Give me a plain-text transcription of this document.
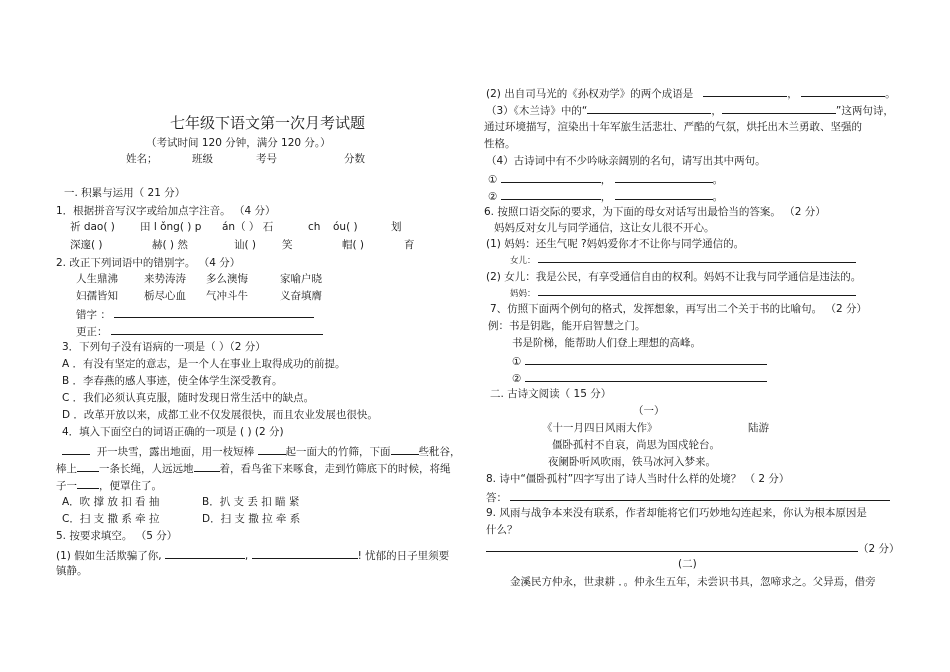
七年级下语文第一次月考试题
（考试时间 120 分钟，满分 120 分。）
姓名；	班级	考号	分数
一. 积累与运用（ 21 分）
1．根据拼音写汉字或给加点字注音。 （4 分）
祈 dao( )	田 l ǒng( ) p	án（ ） 石	ch	óu( )	划
深邃( )	赫( ) 然	讪( )	笑	帽( )	育
2. 改正下列词语中的错别字。 （4 分）
人生鼎沸	来势涛涛	多么澳悔	家喻户晓
妇孺皆知	栃尽心血	气冲斗牛	义奋填膺
错字 ：
更正：
3．下列句子没有语病的一项是（ ）（2 分）
A ．有没有坚定的意志，是一个人在事业上取得成功的前提。
B ．李春燕的感人事迹，使全体学生深受教育。
C ．我们必须认真克服，随时发现日常生活中的缺点。
D ．改革开放以来，成都工业不仅发展很快，而且农业发展也很快。
4．填入下面空白的词语正确的一项是 ( ) (2 分)
开一块雪，露出地面，用一枝短棒	起一面大的竹筛，下面	些秕谷，
棒上 一条长绳，人远远地 着，看鸟雀下来啄食，走到竹筛底下的时候，将绳
子一 ，便罩住了。
A．吹 撑 放 扣 看 抽	B．扒 支 丢 扣 瞄 紧
C．扫 支 撒 系 牵 拉	D．扫 支 撒 拉 牵 系
5. 按要求填空。 （5 分）
(1) 假如生活欺骗了你,	,	! 忧郁的日子里须要
镇静。
(2) 出自司马光的《孙权劝学》的两个成语是	，	。
（3）《木兰诗》中的“	，	”这两句诗，
通过环境描写，渲染出十年军旅生活悲壮、严酷的气氛，烘托出木兰勇敢、坚强的
性格。
（4）古诗词中有不少吟咏亲阔别的名句，请写出其中两句。
①	，	。
②	，	。
6. 按照口语交际的要求，为下面的母女对话写出最恰当的答案。 （2 分）
妈妈反对女儿与同学通信，这让女儿很不开心。
(1) 妈妈：还生气呢 ?妈妈爱你才不让你与同学通信的。
女儿：
(2) 女儿：我是公民，有享受通信自由的权利。妈妈不让我与同学通信是违法的。
妈妈：
7、仿照下面两个例句的格式，发挥想象，再写出二个关于书的比喻句。 （2 分）
例：书是钥匙，能开启智慧之门。
书是阶梯，能帮助人们登上理想的高峰。
①
②
二. 古诗文阅读（ 15 分）
（一）
《十一月四日风雨大作》	陆游
僵卧孤村不自哀，尚思为国戍轮台。
夜阑卧听风吹雨，铁马冰河入梦来。
8. 诗中“僵卧孤村”四字写出了诗人当时什么样的处境？ （ 2 分）
答：
9. 风雨与战争本来没有联系，作者却能将它们巧妙地勾连起来，你认为根本原因是
什么？
（2 分）
(二)
金溪民方仲永，世隶耕 ．。仲永生五年，未尝识书具，忽啼求之。父异焉，借旁
